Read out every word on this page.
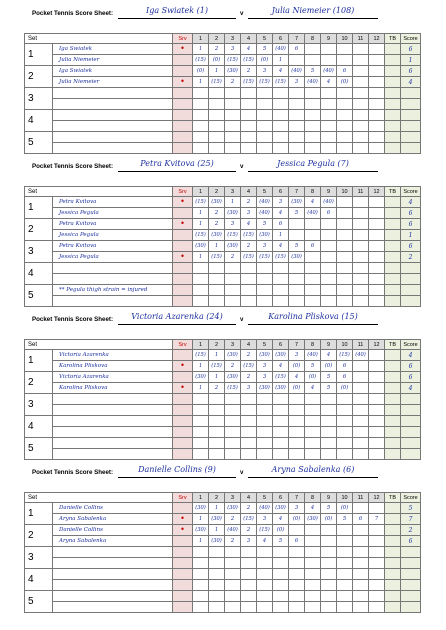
Pocket Tennis Score Sheet:	Iga Swiatek (1)	v	Julia Niemeier (108)
Set		Srv	1	2	3	4	5	6	7	8	9	10	11	12	TB	Score
1	Iga Swiatek	•	1	2	3	4	5	(40)	6							6
	Julia Niemeier		(15)	(0)	(15)	(15)	(0)	1								1
2	Iga Swiatek		(0)	1	(30)	2	3	4	(40)	5	(40)	6				6
	Julia Niemeier	•	1	(15)	2	(15)	(15)	(15)	3	(40)	4	(0)				4
3																

4																

5																

Pocket Tennis Score Sheet:	Petra Kvitova (25)	v	Jessica Pegula (7)
Set		Srv	1	2	3	4	5	6	7	8	9	10	11	12	TB	Score
1	Petra Kvitova	•	(15)	(30)	1	2	(40)	3	(30)	4	(40)					4
	Jessica Pegula		1	2	(30)	3	(40)	4	5	(40)	6					6
2	Petra Kvitova	•	1	2	3	4	5	6								6
	Jessica Pegula		(15)	(30)	(15)	(15)	(30)	1								1
3	Petra Kvitova		(30)	1	(30)	2	3	4	5	6						6
	Jessica Pegula	•	1	(15)	2	(15)	(15)	(15)	(30)							2
4																

5	** Pegula thigh strain = injured															

Pocket Tennis Score Sheet:	Victoria Azarenka (24)	v	Karolina Pliskova (15)
Set		Srv	1	2	3	4	5	6	7	8	9	10	11	12	TB	Score
1	Victoria Azarenka		(15)	1	(30)	2	(30)	(30)	3	(40)	4	(15)	(40)			4
	Karolina Pliskova	•	1	(15)	2	(15)	3	4	(0)	5	(0)	6				6
2	Victoria Azarenka		(30)	1	(30)	2	3	(15)	4	(0)	5	6				6
	Karolina Pliskova	•	1	2	(15)	3	(30)	(30)	(0)	4	5	(0)				4
3																

4																

5																

Pocket Tennis Score Sheet:	Danielle Collins (9)	v	Aryna Sabalenka (6)
Set		Srv	1	2	3	4	5	6	7	8	9	10	11	12	TB	Score
1	Danielle Collins		(30)	1	(30)	2	(40)	(30)	3	4	5	(0)				5
	Aryna Sabalenka	•	1	(30)	2	(15)	3	4	(0)	(30)	(0)	5	6	7		7
2	Danielle Collins	•	(30)	1	(40)	2	(15)	(0)								2
	Aryna Sabalenka		1	(30)	2	3	4	5	6							6
3																

4																

5																
